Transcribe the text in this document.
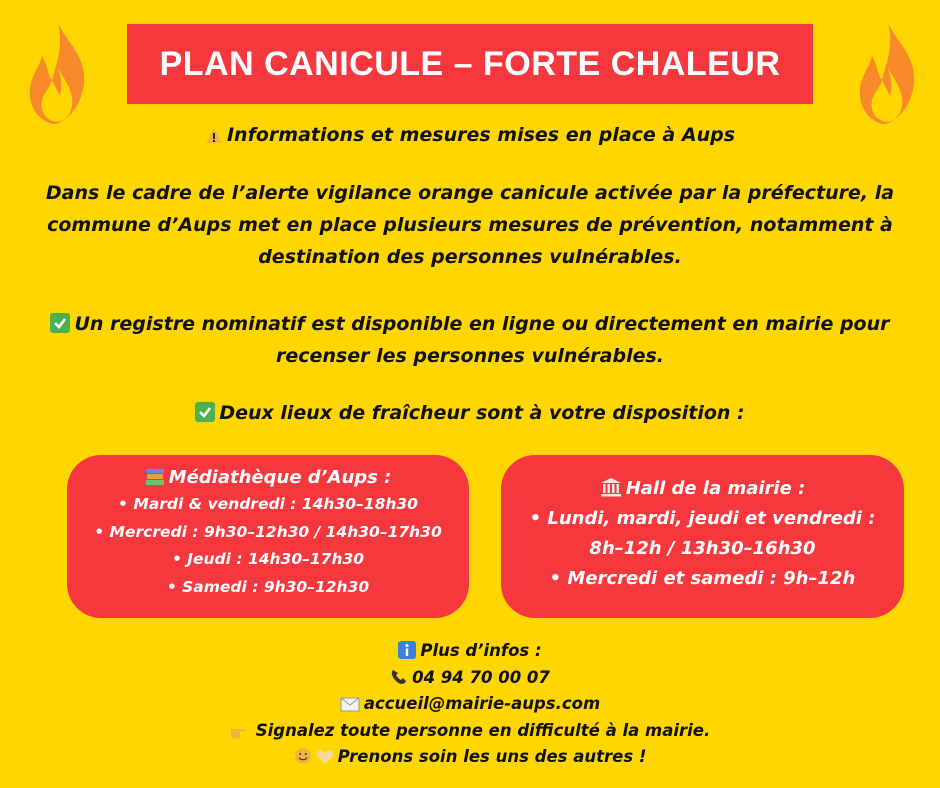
PLAN CANICULE – FORTE CHALEUR
Informations et mesures mises en place à Aups
Dans le cadre de l’alerte vigilance orange canicule activée par la préfecture, la commune d’Aups met en place plusieurs mesures de prévention, notamment à destination des personnes vulnérables.
Un registre nominatif est disponible en ligne ou directement en mairie pour recenser les personnes vulnérables.
Deux lieux de fraîcheur sont à votre disposition :
Médiathèque d’Aups :
• Mardi & vendredi : 14h30–18h30
• Mercredi : 9h30–12h30 / 14h30–17h30
• Jeudi : 14h30–17h30
• Samedi : 9h30–12h30
Hall de la mairie :
• Lundi, mardi, jeudi et vendredi :
8h–12h / 13h30–16h30
• Mercredi et samedi : 9h–12h
Plus d’infos :
04 94 70 00 07
accueil@mairie-aups.com
Signalez toute personne en difficulté à la mairie.
Prenons soin les uns des autres !
